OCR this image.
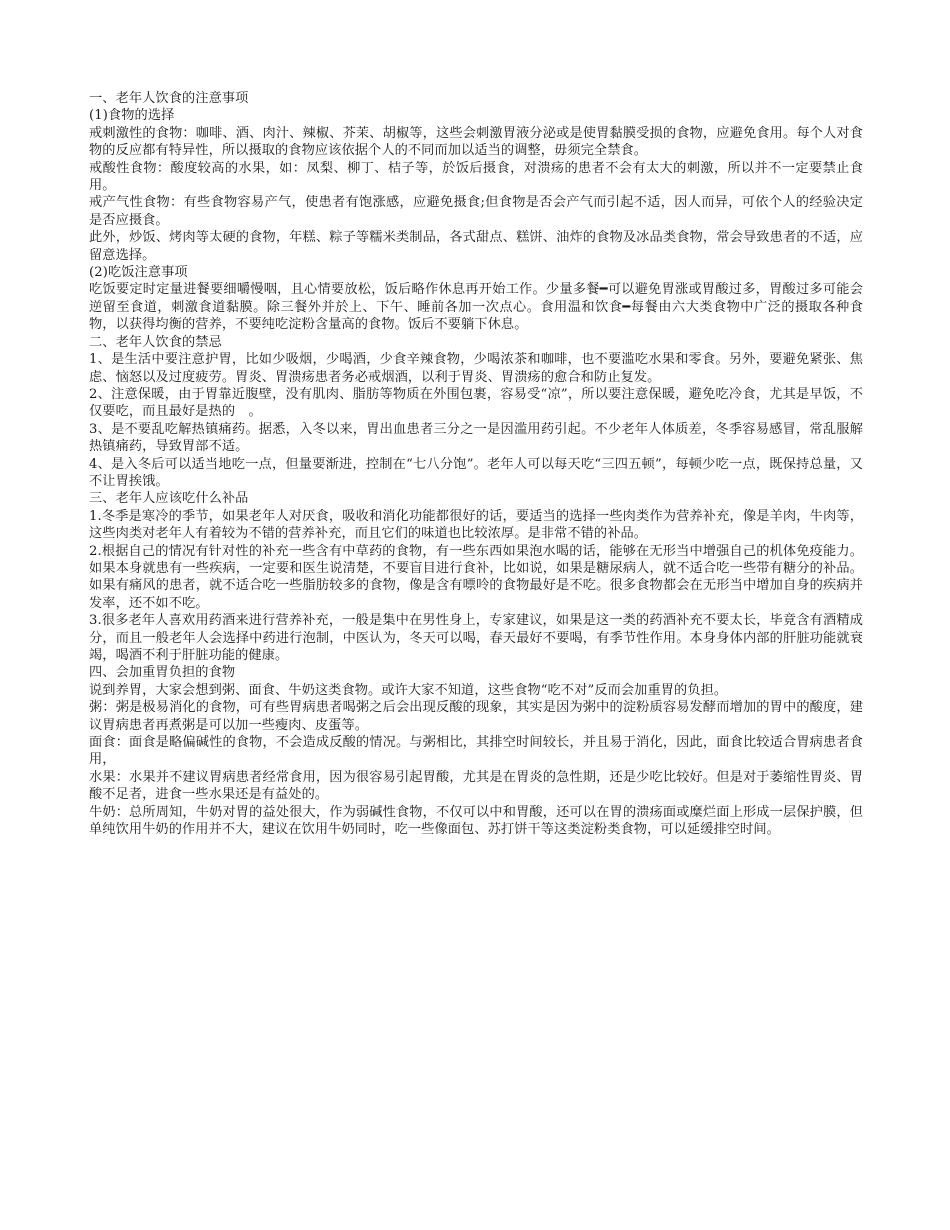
一、老年人饮食的注意事项
(1)食物的选择
戒刺激性的食物：咖啡、酒、肉汁、辣椒、芥茉、胡椒等，这些会刺激胃液分泌或是使胃黏膜受损的食物，应避免食用。每个人对食物的反应都有特异性，所以摄取的食物应该依据个人的不同而加以适当的调整，毋须完全禁食。
戒酸性食物：酸度较高的水果，如：凤梨、柳丁、桔子等，於饭后摄食，对溃疡的患者不会有太大的刺激，所以并不一定要禁止食用。
戒产气性食物：有些食物容易产气，使患者有饱涨感，应避免摄食;但食物是否会产气而引起不适，因人而异，可依个人的经验决定是否应摄食。
此外，炒饭、烤肉等太硬的食物，年糕、粽子等糯米类制品，各式甜点、糕饼、油炸的食物及冰品类食物，常会导致患者的不适，应留意选择。
(2)吃饭注意事项
吃饭要定时定量进餐要细嚼慢咽，且心情要放松，饭后略作休息再开始工作。少量多餐━可以避免胃涨或胃酸过多，胃酸过多可能会逆留至食道，刺激食道黏膜。除三餐外并於上、下午、睡前各加一次点心。食用温和饮食━每餐由六大类食物中广泛的摄取各种食物，以获得均衡的营养，不要纯吃淀粉含量高的食物。饭后不要躺下休息。
二、老年人饮食的禁忌
1、是生活中要注意护胃，比如少吸烟，少喝酒，少食辛辣食物，少喝浓茶和咖啡，也不要滥吃水果和零食。另外，要避免紧张、焦虑、恼怒以及过度疲劳。胃炎、胃溃疡患者务必戒烟酒，以利于胃炎、胃溃疡的愈合和防止复发。
2、注意保暖，由于胃靠近腹壁，没有肌肉、脂肪等物质在外围包裹，容易受“凉”，所以要注意保暖，避免吃冷食，尤其是早饭，不仅要吃，而且最好是热的　。
3、是不要乱吃解热镇痛药。据悉，入冬以来，胃出血患者三分之一是因滥用药引起。不少老年人体质差，冬季容易感冒，常乱服解热镇痛药，导致胃部不适。
4、是入冬后可以适当地吃一点，但量要渐进，控制在“七八分饱”。老年人可以每天吃“三四五顿”，每顿少吃一点，既保持总量，又不让胃挨饿。
三、老年人应该吃什么补品
1.冬季是寒冷的季节，如果老年人对厌食，吸收和消化功能都很好的话，要适当的选择一些肉类作为营养补充，像是羊肉，牛肉等，这些肉类对老年人有着较为不错的营养补充，而且它们的味道也比较浓厚。是非常不错的补品。
2.根据自己的情况有针对性的补充一些含有中草药的食物，有一些东西如果泡水喝的话，能够在无形当中增强自己的机体免疫能力。如果本身就患有一些疾病，一定要和医生说清楚，不要盲目进行食补，比如说，如果是糖尿病人，就不适合吃一些带有糖分的补品。如果有痛风的患者，就不适合吃一些脂肪较多的食物，像是含有嘌呤的食物最好是不吃。很多食物都会在无形当中增加自身的疾病并发率，还不如不吃。
3.很多老年人喜欢用药酒来进行营养补充，一般是集中在男性身上，专家建议，如果是这一类的药酒补充不要太长，毕竟含有酒精成分，而且一般老年人会选择中药进行泡制，中医认为，冬天可以喝，春天最好不要喝，有季节性作用。本身身体内部的肝脏功能就衰竭，喝酒不利于肝脏功能的健康。
四、会加重胃负担的食物
说到养胃，大家会想到粥、面食、牛奶这类食物。或许大家不知道，这些食物“吃不对”反而会加重胃的负担。
粥：粥是极易消化的食物，可有些胃病患者喝粥之后会出现反酸的现象，其实是因为粥中的淀粉质容易发酵而增加的胃中的酸度，建议胃病患者再煮粥是可以加一些瘦肉、皮蛋等。
面食：面食是略偏碱性的食物，不会造成反酸的情况。与粥相比，其排空时间较长，并且易于消化，因此，面食比较适合胃病患者食用，
水果：水果并不建议胃病患者经常食用，因为很容易引起胃酸，尤其是在胃炎的急性期，还是少吃比较好。但是对于萎缩性胃炎、胃酸不足者，进食一些水果还是有益处的。
牛奶：总所周知，牛奶对胃的益处很大，作为弱碱性食物，不仅可以中和胃酸，还可以在胃的溃疡面或糜烂面上形成一层保护膜，但单纯饮用牛奶的作用并不大，建议在饮用牛奶同时，吃一些像面包、苏打饼干等这类淀粉类食物，可以延缓排空时间。
